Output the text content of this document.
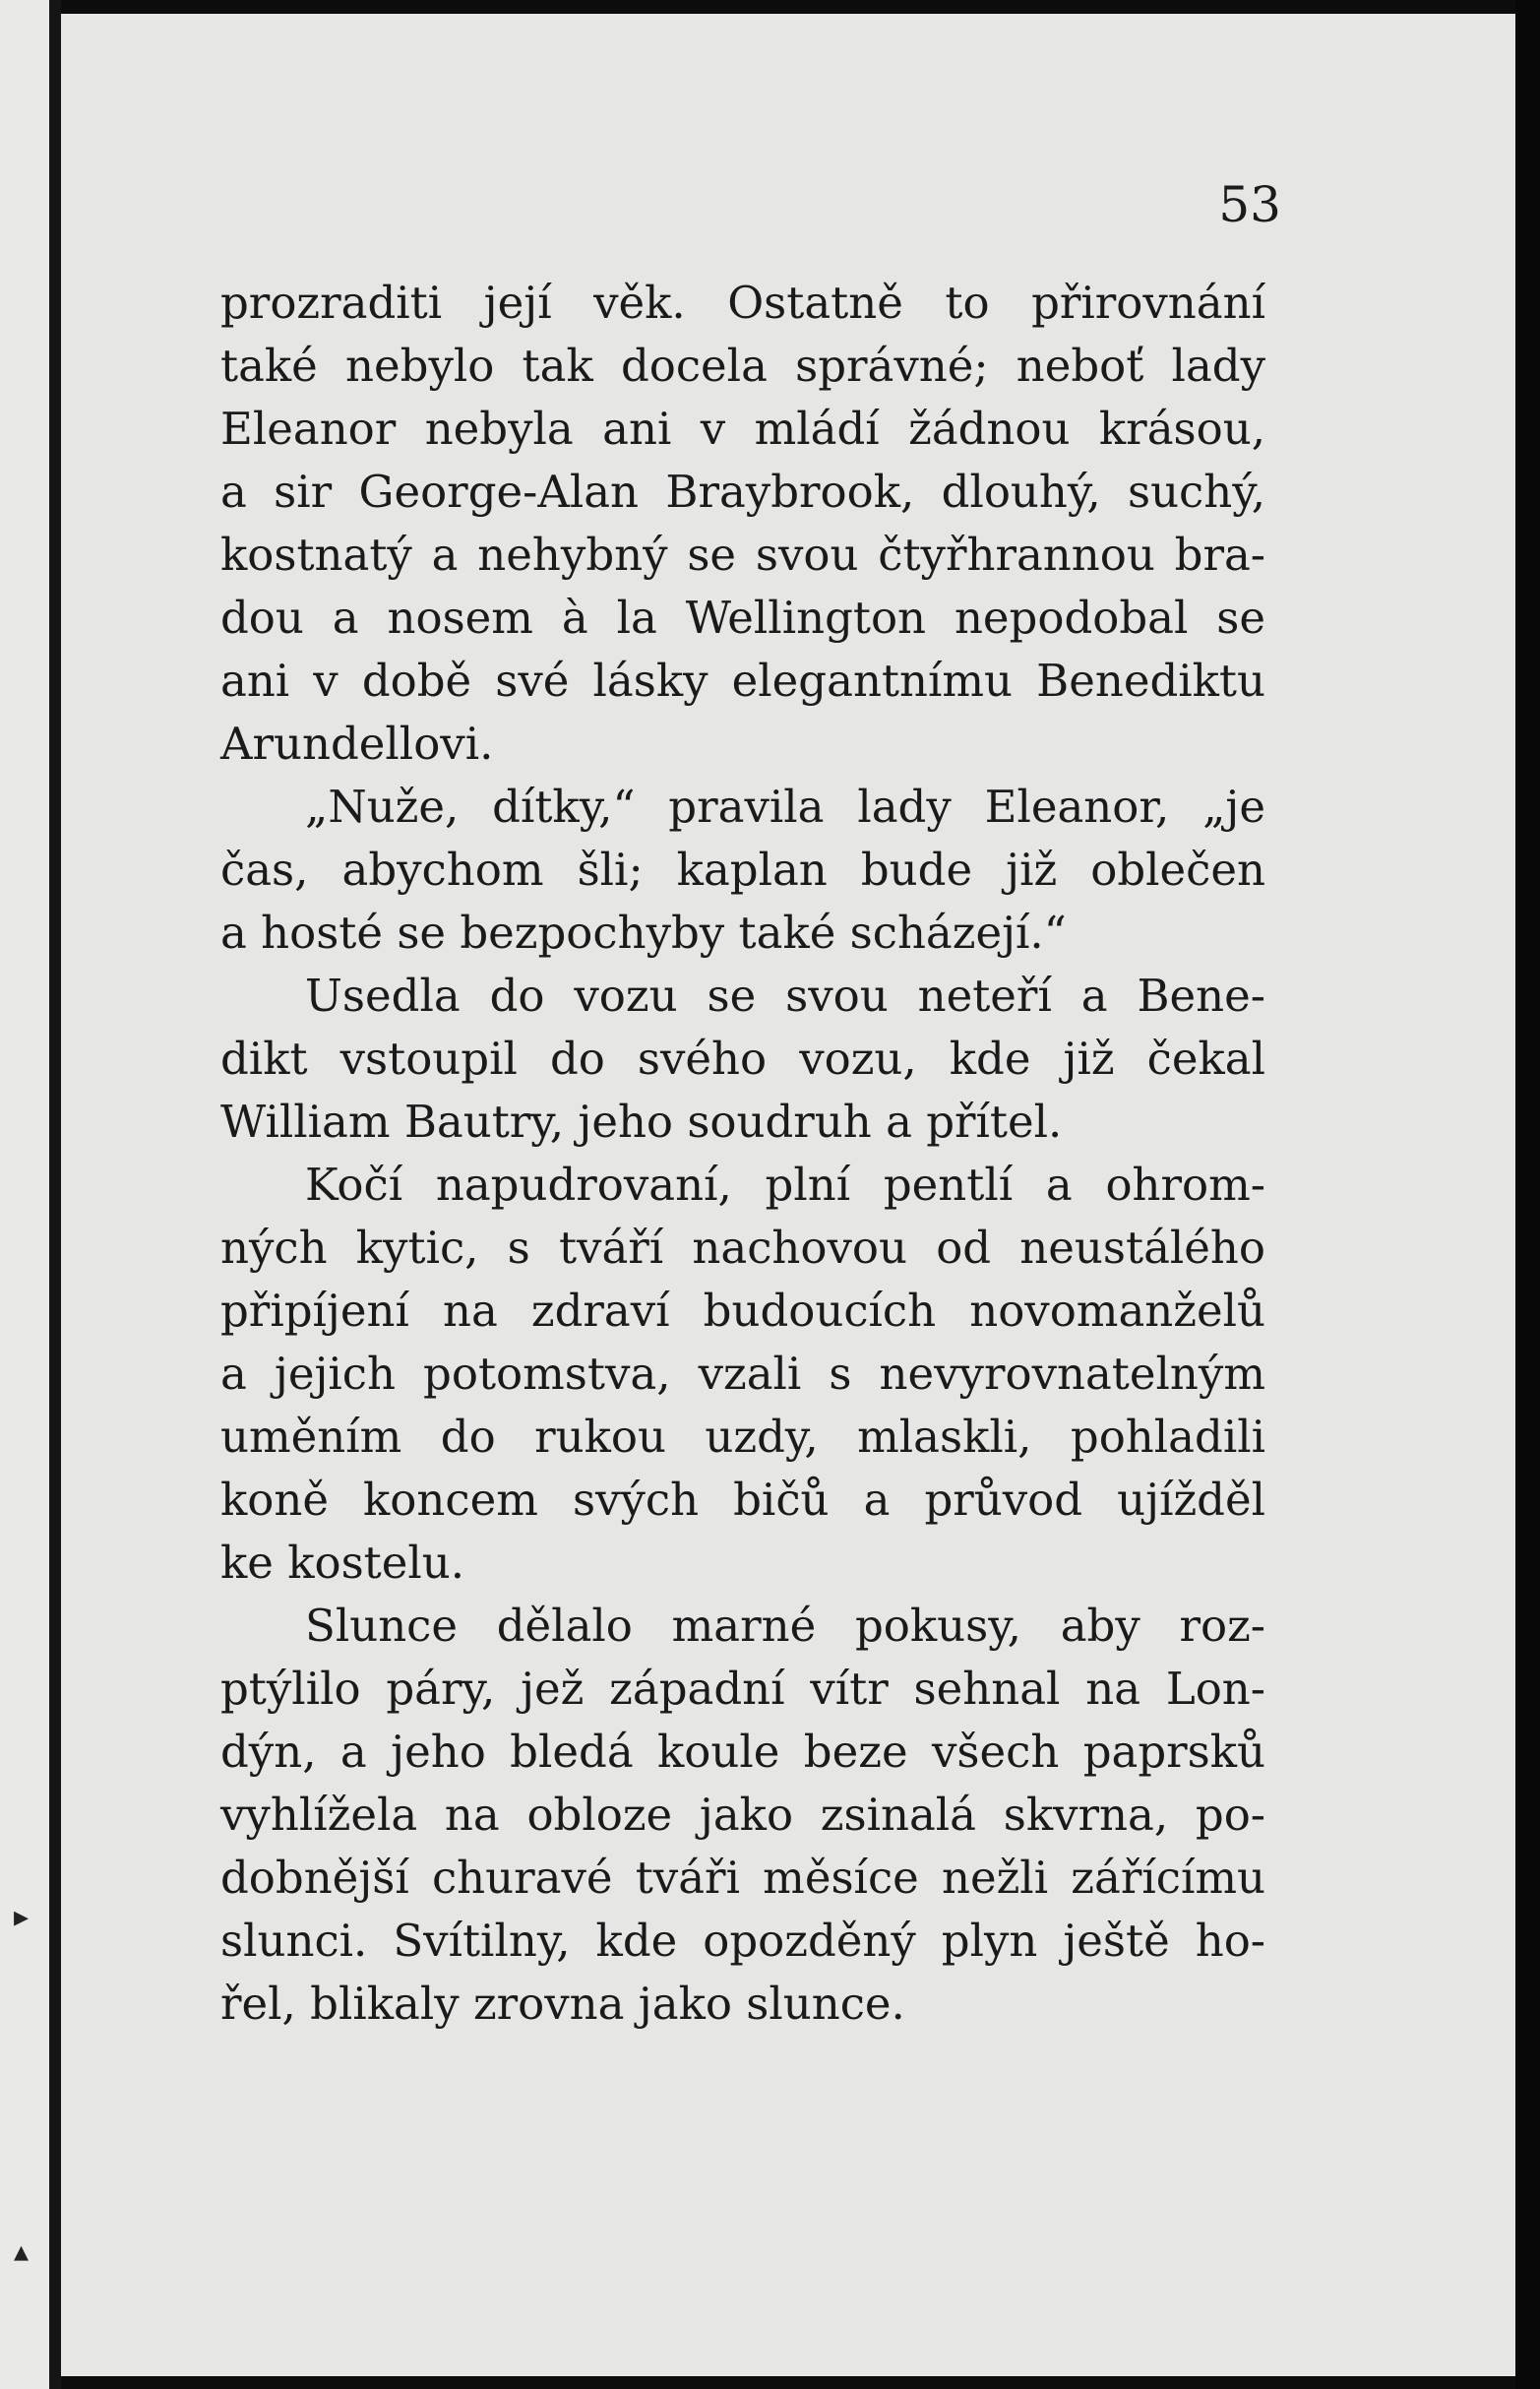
▸
▴
53
prozraditi její věk. Ostatně to přirovnání
také nebylo tak docela správné; neboť lady
Eleanor nebyla ani v mládí žádnou krásou,
a sir George-Alan Braybrook, dlouhý, suchý,
kostnatý a nehybný se svou čtyřhrannou bra-
dou a nosem à la Wellington nepodobal se
ani v době své lásky elegantnímu Benediktu
Arundellovi.
„Nuže, dítky,“ pravila lady Eleanor, „je
čas, abychom šli; kaplan bude již oblečen
a hosté se bezpochyby také scházejí.“
Usedla do vozu se svou neteří a Bene-
dikt vstoupil do svého vozu, kde již čekal
William Bautry, jeho soudruh a přítel.
Kočí napudrovaní, plní pentlí a ohrom-
ných kytic, s tváří nachovou od neustálého
připíjení na zdraví budoucích novomanželů
a jejich potomstva, vzali s nevyrovnatelným
uměním do rukou uzdy, mlaskli, pohladili
koně koncem svých bičů a průvod ujížděl
ke kostelu.
Slunce dělalo marné pokusy, aby roz-
ptýlilo páry, jež západní vítr sehnal na Lon-
dýn, a jeho bledá koule beze všech paprsků
vyhlížela na obloze jako zsinalá skvrna, po-
dobnější churavé tváři měsíce nežli zářícímu
slunci. Svítilny, kde opozděný plyn ještě ho-
řel, blikaly zrovna jako slunce.
